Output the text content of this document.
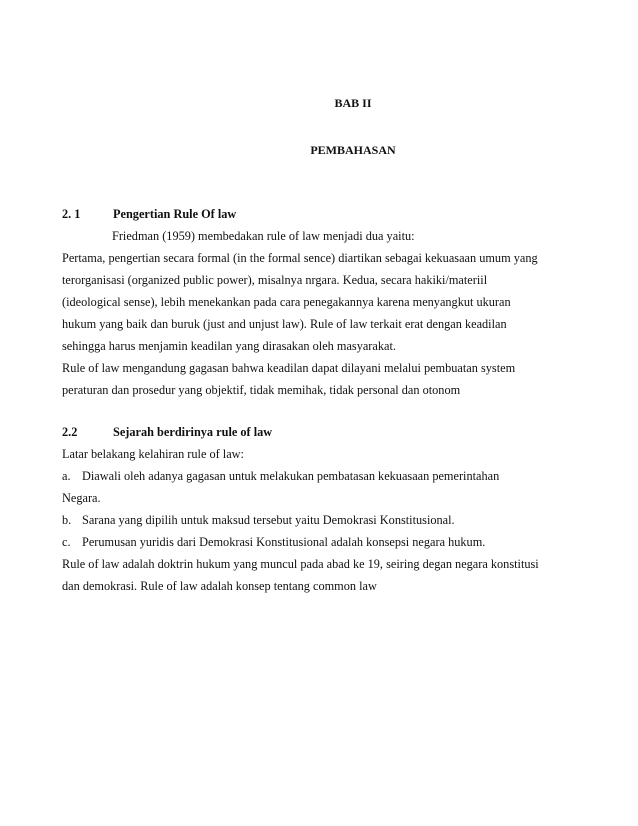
BAB II
PEMBAHASAN
2. 1	Pengertian Rule Of law
Friedman (1959) membedakan rule of law menjadi dua yaitu:
Pertama, pengertian secara formal (in the formal sence) diartikan sebagai kekuasaan umum yang
terorganisasi (organized public power), misalnya nrgara. Kedua, secara hakiki/materiil
(ideological sense), lebih menekankan pada cara penegakannya karena menyangkut ukuran
hukum yang baik dan buruk (just and unjust law). Rule of law terkait erat dengan keadilan
sehingga harus menjamin keadilan yang dirasakan oleh masyarakat.
Rule of law mengandung gagasan bahwa keadilan dapat dilayani melalui pembuatan system
peraturan dan prosedur yang objektif, tidak memihak, tidak personal dan otonom
2.2	Sejarah berdirinya rule of law
Latar belakang kelahiran rule of law:
a. Diawali oleh adanya gagasan untuk melakukan pembatasan kekuasaan pemerintahan
Negara.
b. Sarana yang dipilih untuk maksud tersebut yaitu Demokrasi Konstitusional.
c. Perumusan yuridis dari Demokrasi Konstitusional adalah konsepsi negara hukum.
Rule of law adalah doktrin hukum yang muncul pada abad ke 19, seiring degan negara konstitusi
dan demokrasi. Rule of law adalah konsep tentang common law
